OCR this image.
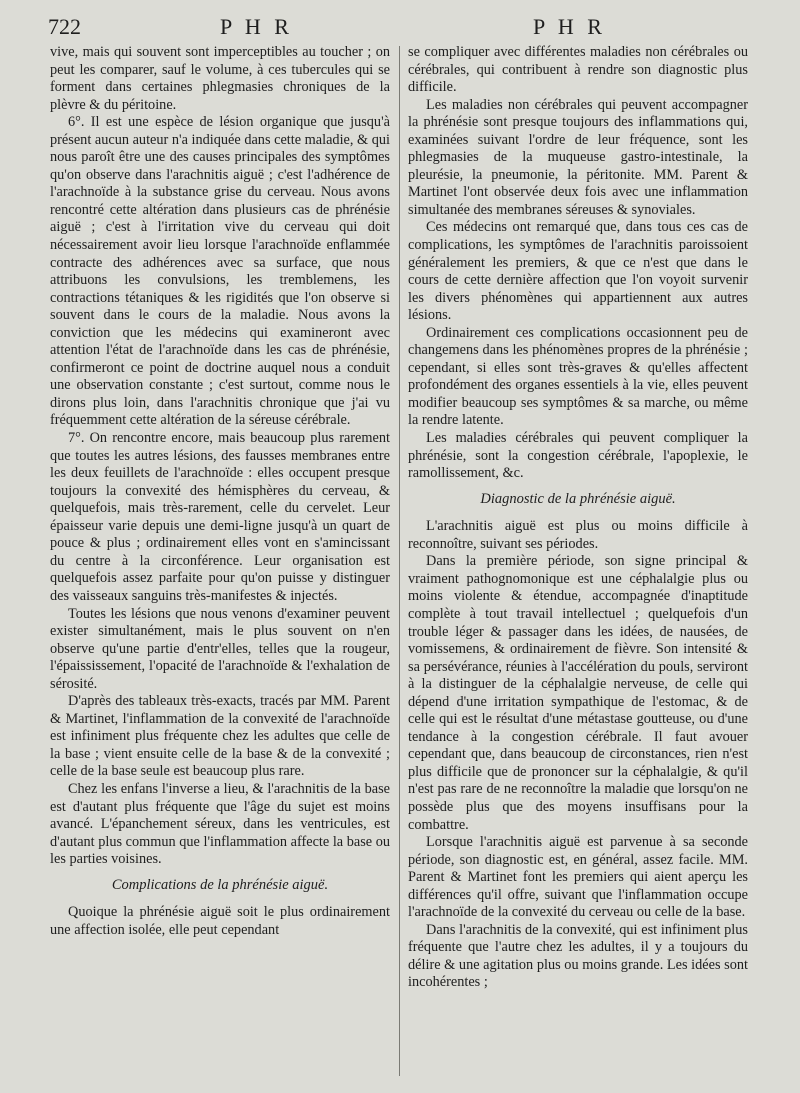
722	P H R	P H R

vive, mais qui souvent sont imperceptibles au toucher ; on peut les comparer, sauf le volume, à ces tubercules qui se forment dans certaines phlegmasies chroniques de la plèvre & du péritoine.

6°. Il est une espèce de lésion organique que jusqu'à présent aucun auteur n'a indiquée dans cette maladie, & qui nous paroît être une des causes principales des symptômes qu'on observe dans l'arachnitis aiguë ; c'est l'adhérence de l'arachnoïde à la substance grise du cerveau. Nous avons rencontré cette altération dans plusieurs cas de phrénésie aiguë ; c'est à l'irritation vive du cerveau qui doit nécessairement avoir lieu lorsque l'arachnoïde enflammée contracte des adhérences avec sa surface, que nous attribuons les convulsions, les tremblemens, les contractions tétaniques & les rigidités que l'on observe si souvent dans le cours de la maladie. Nous avons la conviction que les médecins qui examineront avec attention l'état de l'arachnoïde dans les cas de phrénésie, confirmeront ce point de doctrine auquel nous a conduit une observation constante ; c'est surtout, comme nous le dirons plus loin, dans l'arachnitis chronique que j'ai vu fréquemment cette altération de la séreuse cérébrale.

7°. On rencontre encore, mais beaucoup plus rarement que toutes les autres lésions, des fausses membranes entre les deux feuillets de l'arachnoïde : elles occupent presque toujours la convexité des hémisphères du cerveau, & quelquefois, mais très-rarement, celle du cervelet. Leur épaisseur varie depuis une demi-ligne jusqu'à un quart de pouce & plus ; ordinairement elles vont en s'amincissant du centre à la circonférence. Leur organisation est quelquefois assez parfaite pour qu'on puisse y distinguer des vaisseaux sanguins très-manifestes & injectés.

Toutes les lésions que nous venons d'examiner peuvent exister simultanément, mais le plus souvent on n'en observe qu'une partie d'entr'elles, telles que la rougeur, l'épaississement, l'opacité de l'arachnoïde & l'exhalation de sérosité.

D'après des tableaux très-exacts, tracés par MM. Parent & Martinet, l'inflammation de la convexité de l'arachnoïde est infiniment plus fréquente chez les adultes que celle de la base ; vient ensuite celle de la base & de la convexité ; celle de la base seule est beaucoup plus rare.

Chez les enfans l'inverse a lieu, & l'arachnitis de la base est d'autant plus fréquente que l'âge du sujet est moins avancé. L'épanchement séreux, dans les ventricules, est d'autant plus commun que l'inflammation affecte la base ou les parties voisines.

Complications de la phrénésie aiguë.

Quoique la phrénésie aiguë soit le plus ordinairement une affection isolée, elle peut cependant

se compliquer avec différentes maladies non cérébrales ou cérébrales, qui contribuent à rendre son diagnostic plus difficile.

Les maladies non cérébrales qui peuvent accompagner la phrénésie sont presque toujours des inflammations qui, examinées suivant l'ordre de leur fréquence, sont les phlegmasies de la muqueuse gastro-intestinale, la pleurésie, la pneumonie, la péritonite. MM. Parent & Martinet l'ont observée deux fois avec une inflammation simultanée des membranes séreuses & synoviales.

Ces médecins ont remarqué que, dans tous ces cas de complications, les symptômes de l'arachnitis paroissoient généralement les premiers, & que ce n'est que dans le cours de cette dernière affection que l'on voyoit survenir les divers phénomènes qui appartiennent aux autres lésions.

Ordinairement ces complications occasionnent peu de changemens dans les phénomènes propres de la phrénésie ; cependant, si elles sont très-graves & qu'elles affectent profondément des organes essentiels à la vie, elles peuvent modifier beaucoup ses symptômes & sa marche, ou même la rendre latente.

Les maladies cérébrales qui peuvent compliquer la phrénésie, sont la congestion cérébrale, l'apoplexie, le ramollissement, &c.

Diagnostic de la phrénésie aiguë.

L'arachnitis aiguë est plus ou moins difficile à reconnoître, suivant ses périodes.

Dans la première période, son signe principal & vraiment pathognomonique est une céphalalgie plus ou moins violente & étendue, accompagnée d'inaptitude complète à tout travail intellectuel ; quelquefois d'un trouble léger & passager dans les idées, de nausées, de vomissemens, & ordinairement de fièvre. Son intensité & sa persévérance, réunies à l'accélération du pouls, serviront à la distinguer de la céphalalgie nerveuse, de celle qui dépend d'une irritation sympathique de l'estomac, & de celle qui est le résultat d'une métastase goutteuse, ou d'une tendance à la congestion cérébrale. Il faut avouer cependant que, dans beaucoup de circonstances, rien n'est plus difficile que de prononcer sur la céphalalgie, & qu'il n'est pas rare de ne reconnoître la maladie que lorsqu'on ne possède plus que des moyens insuffisans pour la combattre.

Lorsque l'arachnitis aiguë est parvenue à sa seconde période, son diagnostic est, en général, assez facile. MM. Parent & Martinet font les premiers qui aient aperçu les différences qu'il offre, suivant que l'inflammation occupe l'arachnoïde de la convexité du cerveau ou celle de la base.

Dans l'arachnitis de la convexité, qui est infiniment plus fréquente que l'autre chez les adultes, il y a toujours du délire & une agitation plus ou moins grande. Les idées sont incohérentes ;
